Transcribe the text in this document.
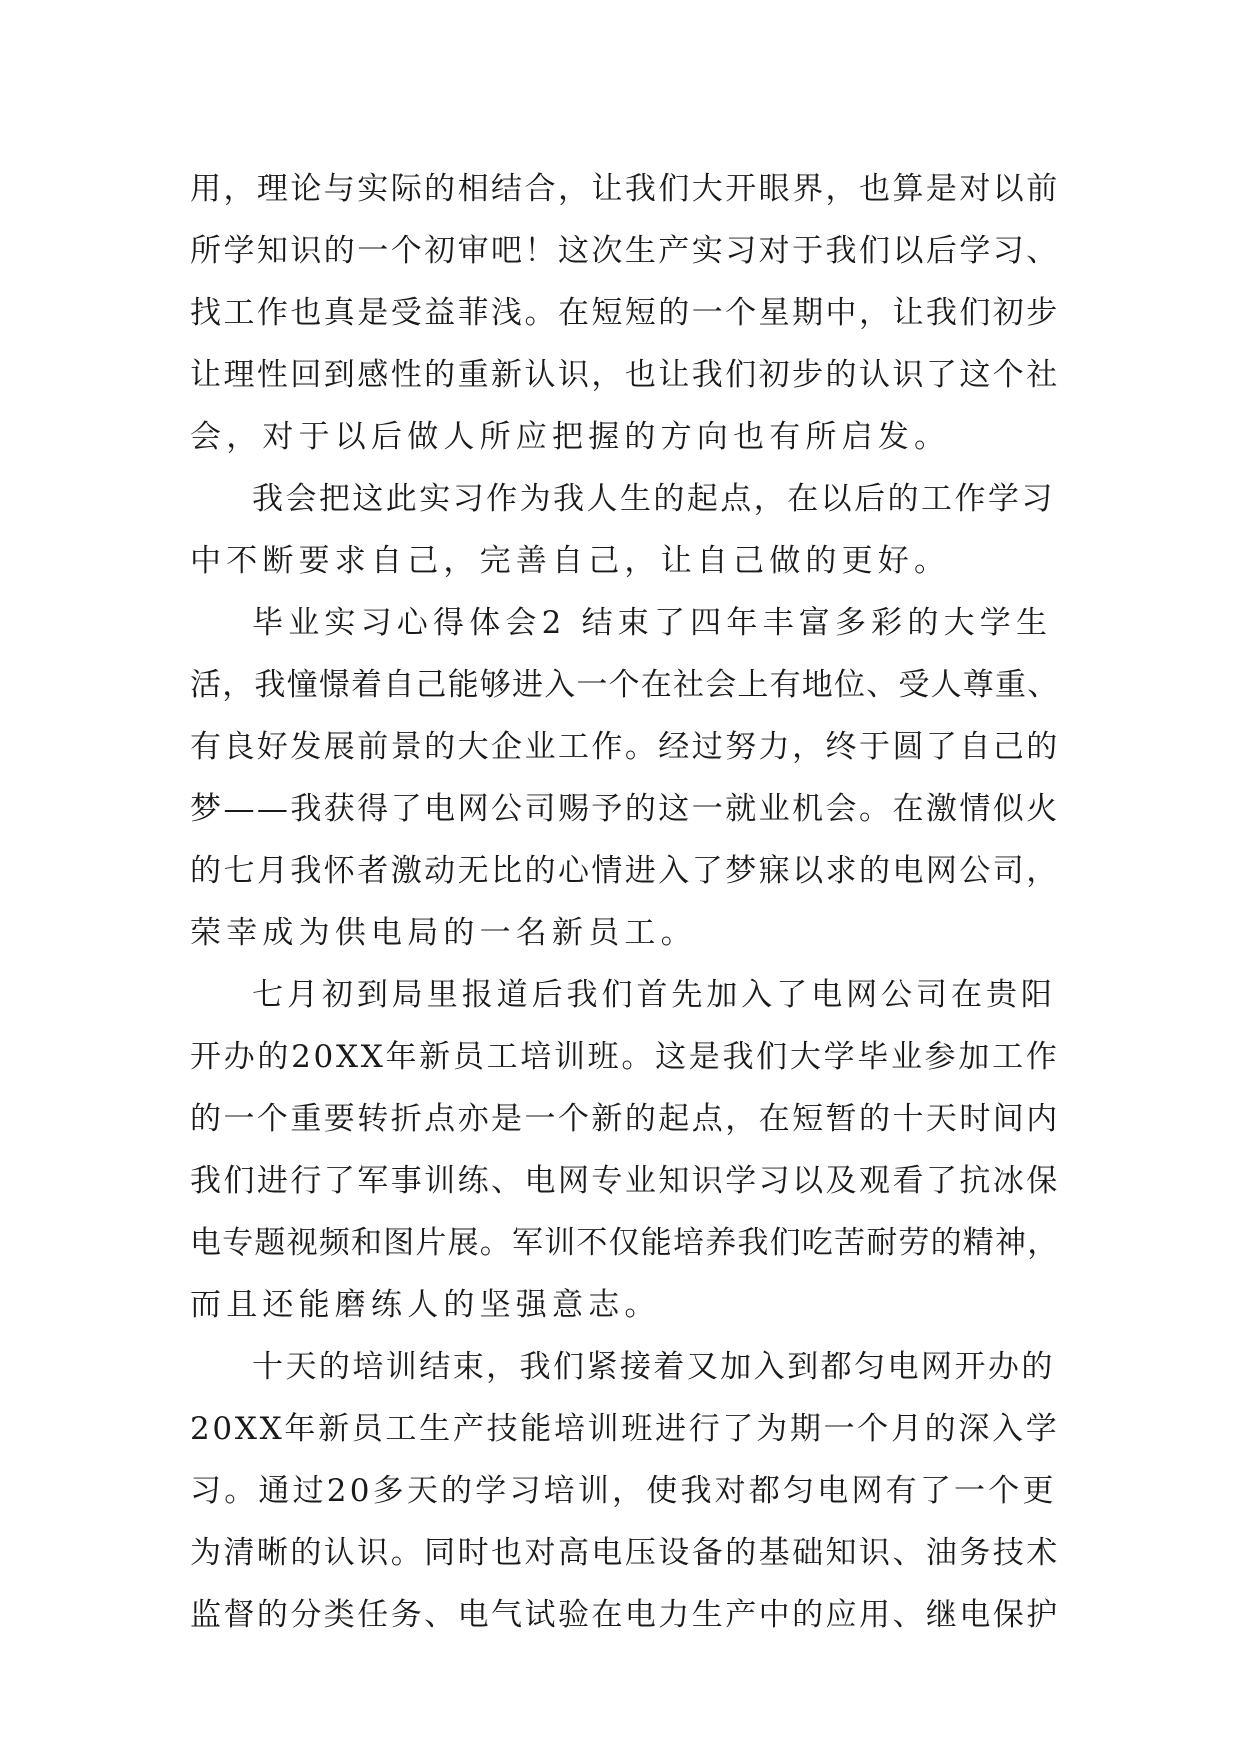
用，理论与实际的相结合，让我们大开眼界，也算是对以前
所学知识的一个初审吧！这次生产实习对于我们以后学习、
找工作也真是受益菲浅。在短短的一个星期中，让我们初步
让理性回到感性的重新认识，也让我们初步的认识了这个社
会，对于以后做人所应把握的方向也有所启发。
我会把这此实习作为我人生的起点，在以后的工作学习
中不断要求自己，完善自己，让自己做的更好。
毕业实习心得体会2 结束了四年丰富多彩的大学生
活，我憧憬着自己能够进入一个在社会上有地位、受人尊重、
有良好发展前景的大企业工作。经过努力，终于圆了自己的
梦——我获得了电网公司赐予的这一就业机会。在激情似火
的七月我怀者激动无比的心情进入了梦寐以求的电网公司，
荣幸成为供电局的一名新员工。
七月初到局里报道后我们首先加入了电网公司在贵阳
开办的20XX年新员工培训班。这是我们大学毕业参加工作
的一个重要转折点亦是一个新的起点，在短暂的十天时间内
我们进行了军事训练、电网专业知识学习以及观看了抗冰保
电专题视频和图片展。军训不仅能培养我们吃苦耐劳的精神，
而且还能磨练人的坚强意志。
十天的培训结束，我们紧接着又加入到都匀电网开办的
20XX年新员工生产技能培训班进行了为期一个月的深入学
习。通过20多天的学习培训，使我对都匀电网有了一个更
为清晰的认识。同时也对高电压设备的基础知识、油务技术
监督的分类任务、电气试验在电力生产中的应用、继电保护
